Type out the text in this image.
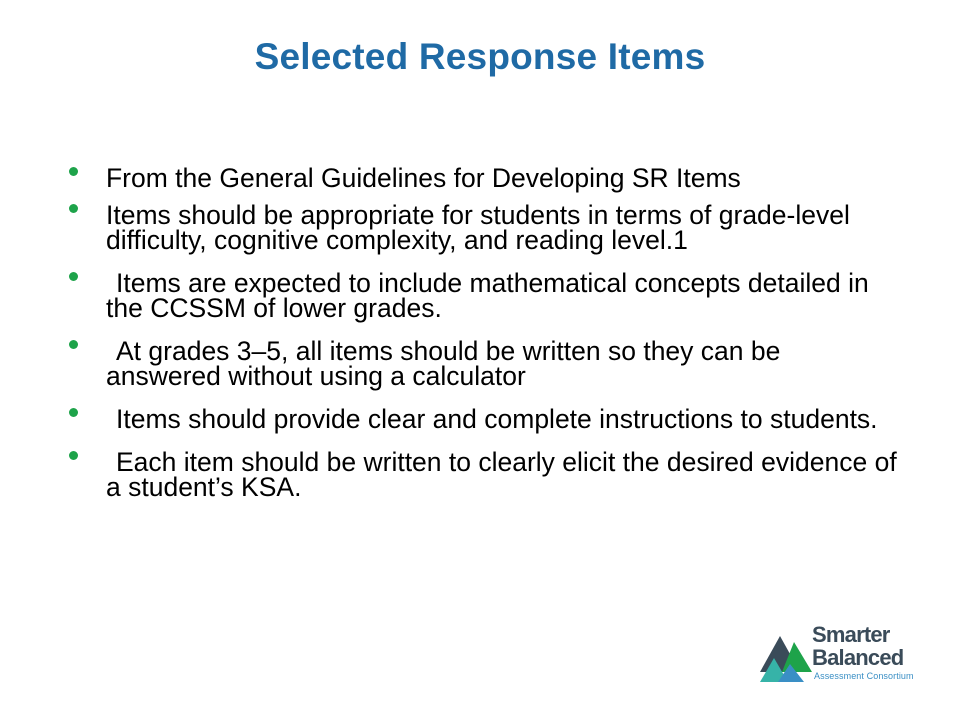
Selected Response Items
From the General Guidelines for Developing SR Items
Items should be appropriate for students in terms of grade-level difficulty, cognitive complexity, and reading level.1
Items are expected to include mathematical concepts detailed in the CCSSM of lower grades.
At grades 3–5, all items should be written so they can be answered without using a calculator
Items should provide clear and complete instructions to students.
Each item should be written to clearly elicit the desired evidence of a student’s KSA.
Smarter
Balanced
Assessment Consortium
